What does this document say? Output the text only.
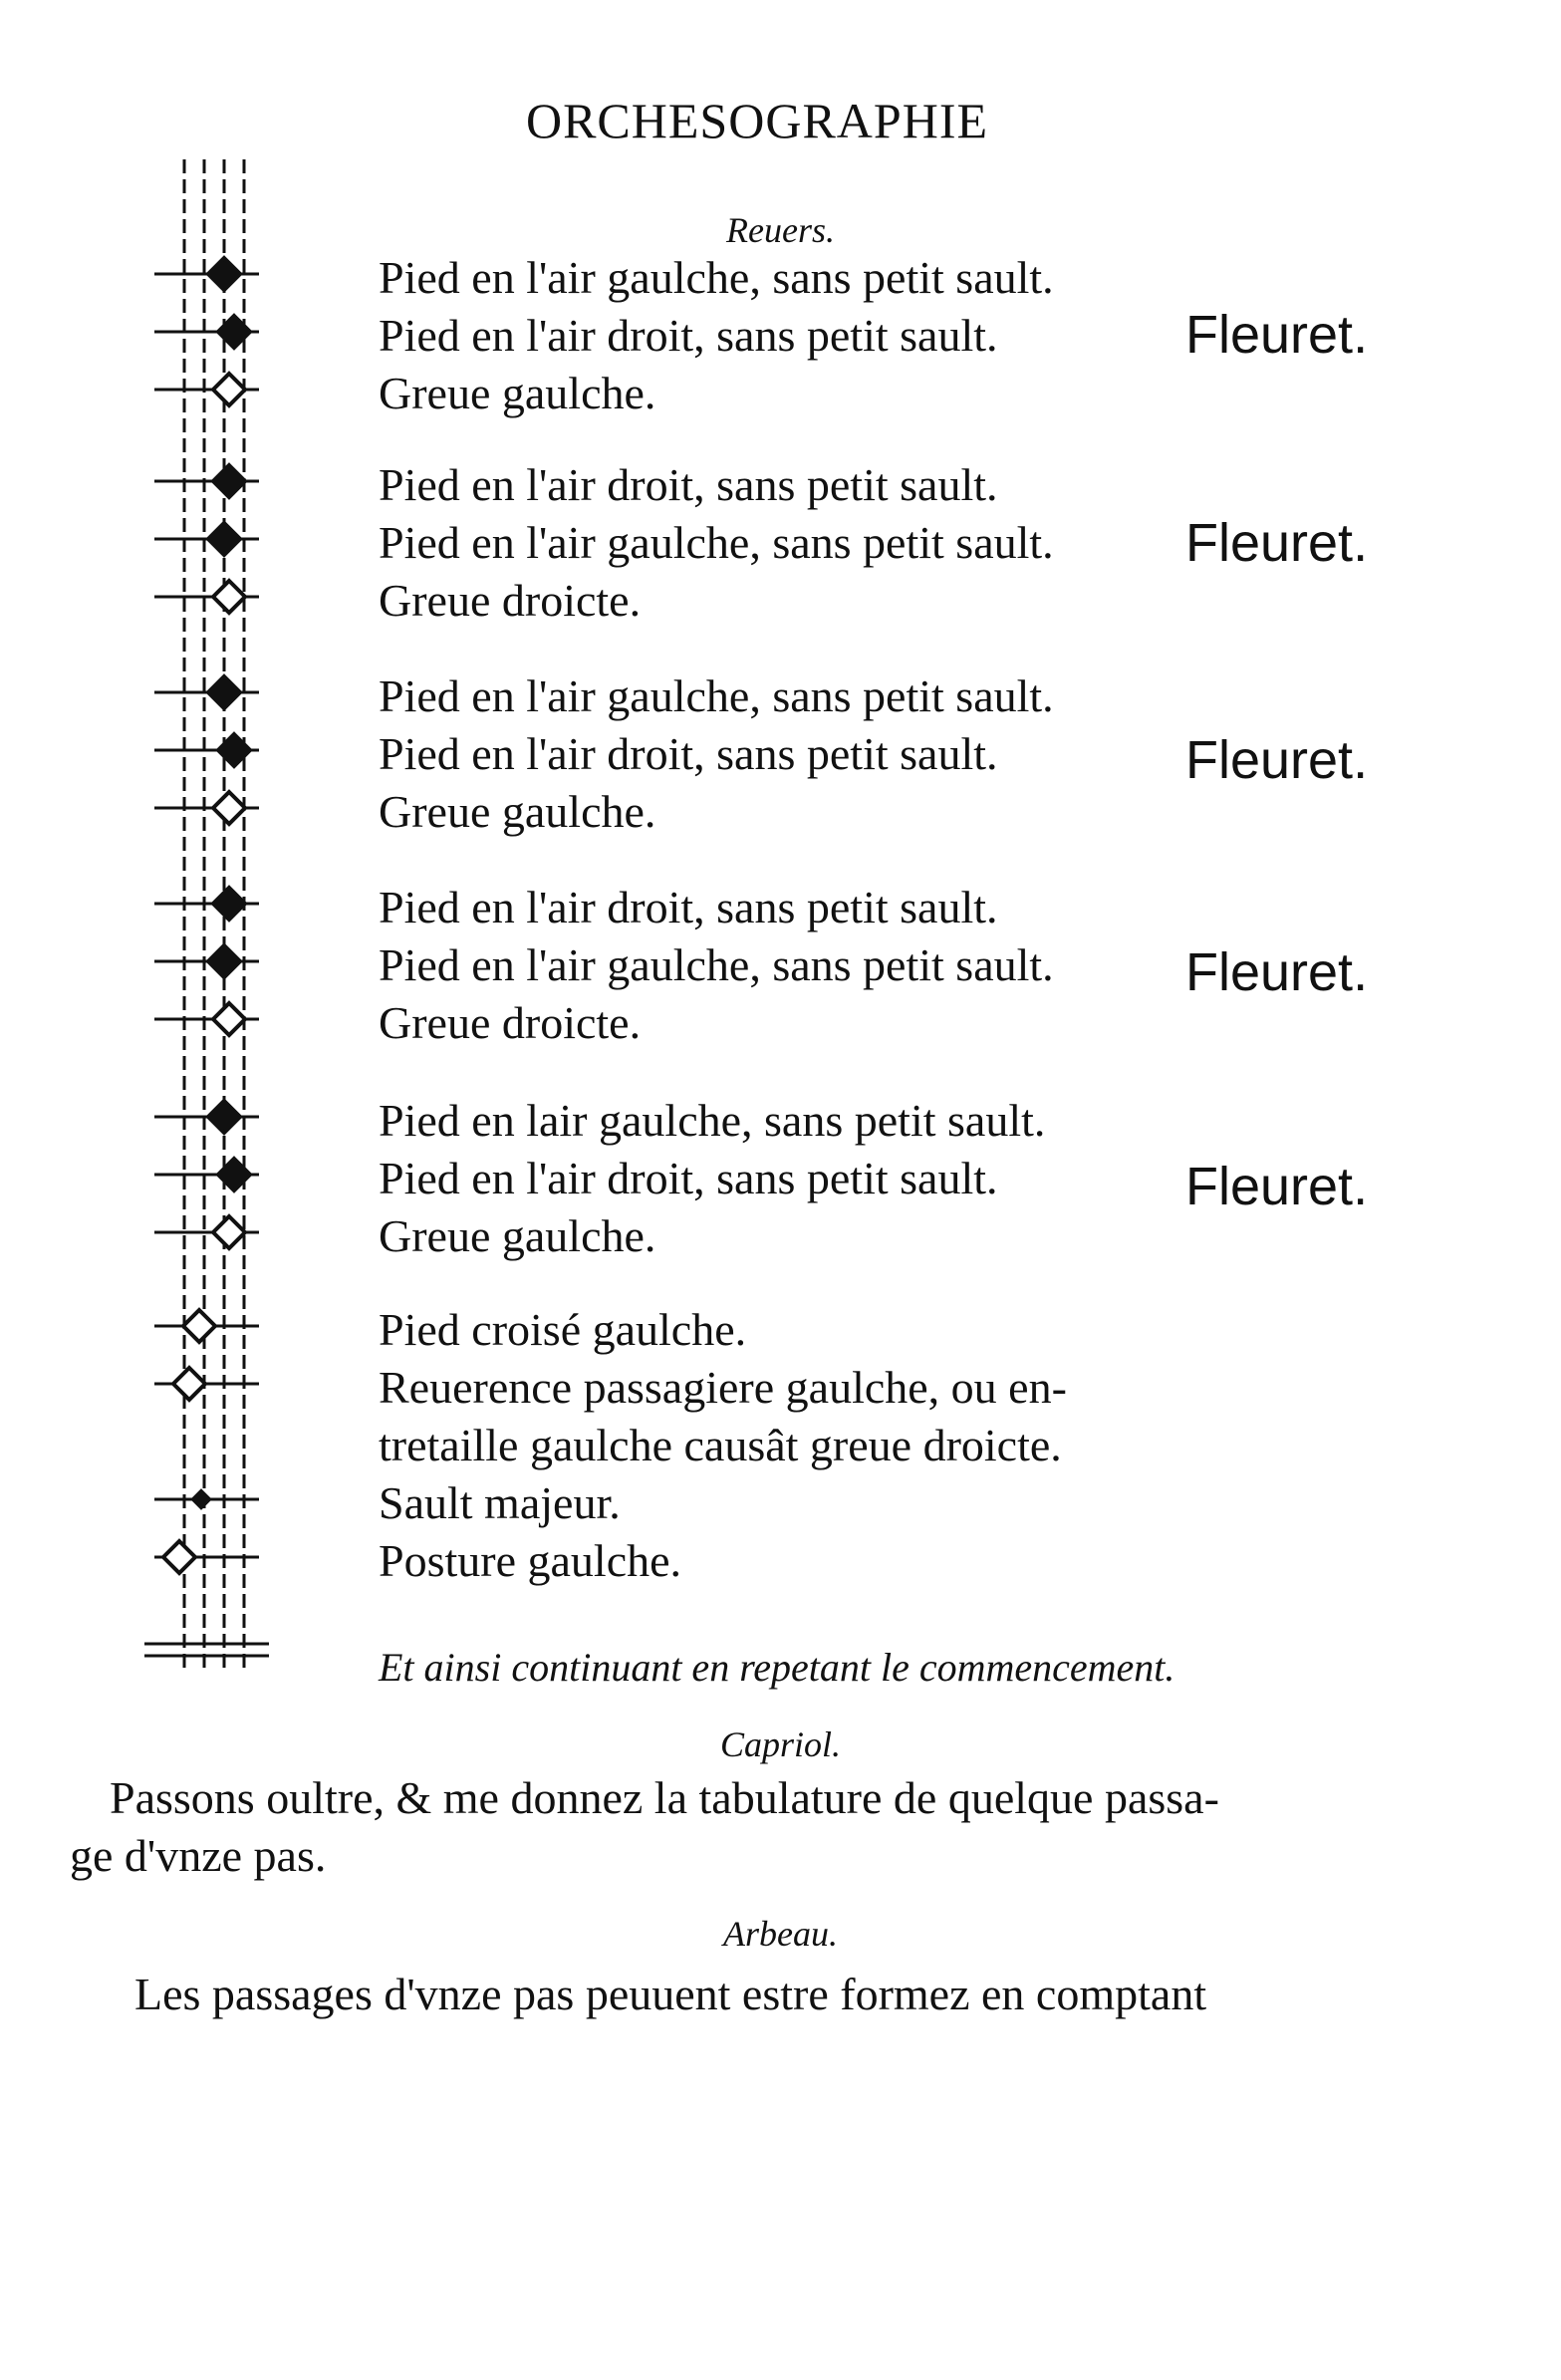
ORCHESOGRAPHIE
Reuers.
Pied en l'air gaulche, sans petit sault.
Pied en l'air droit, sans petit sault.
Greue gaulche.
Fleuret.
Pied en l'air droit, sans petit sault.
Pied en l'air gaulche, sans petit sault.
Greue droicte.
Fleuret.
Pied en l'air gaulche, sans petit sault.
Pied en l'air droit, sans petit sault.
Greue gaulche.
Fleuret.
Pied en l'air droit, sans petit sault.
Pied en l'air gaulche, sans petit sault.
Greue droicte.
Fleuret.
Pied en lair gaulche, sans petit sault.
Pied en l'air droit, sans petit sault.
Greue gaulche.
Fleuret.
Pied croisé gaulche.
Reuerence passagiere gaulche, ou en-
tretaille gaulche causât greue droicte.
Sault majeur.
Posture gaulche.
Et ainsi continuant en repetant le commencement.
Capriol.
Passons oultre, & me donnez la tabulature de quelque passa-
ge d'vnze pas.
Arbeau.
Les passages d'vnze pas peuuent estre formez en comptant
